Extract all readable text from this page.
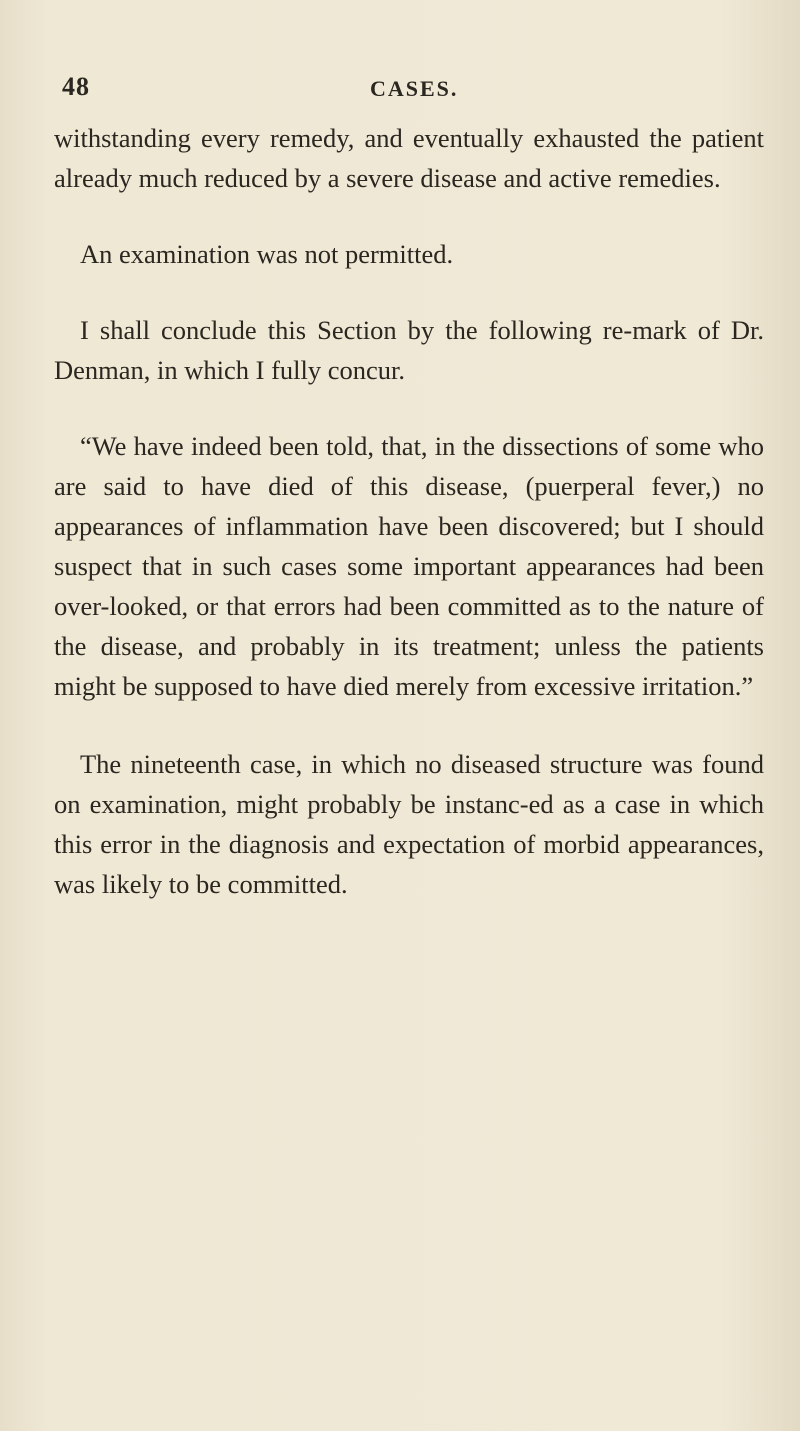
48	CASES.

withstanding every remedy, and eventually exhausted the patient already much reduced by a severe disease and active remedies.

An examination was not permitted.

I shall conclude this Section by the following re-mark of Dr. Denman, in which I fully concur.

“We have indeed been told, that, in the dissections of some who are said to have died of this disease, (puerperal fever,) no appearances of inflammation have been discovered; but I should suspect that in such cases some important appearances had been over-looked, or that errors had been committed as to the nature of the disease, and probably in its treatment; unless the patients might be supposed to have died merely from excessive irritation.”

The nineteenth case, in which no diseased structure was found on examination, might probably be instanc-ed as a case in which this error in the diagnosis and expectation of morbid appearances, was likely to be committed.
